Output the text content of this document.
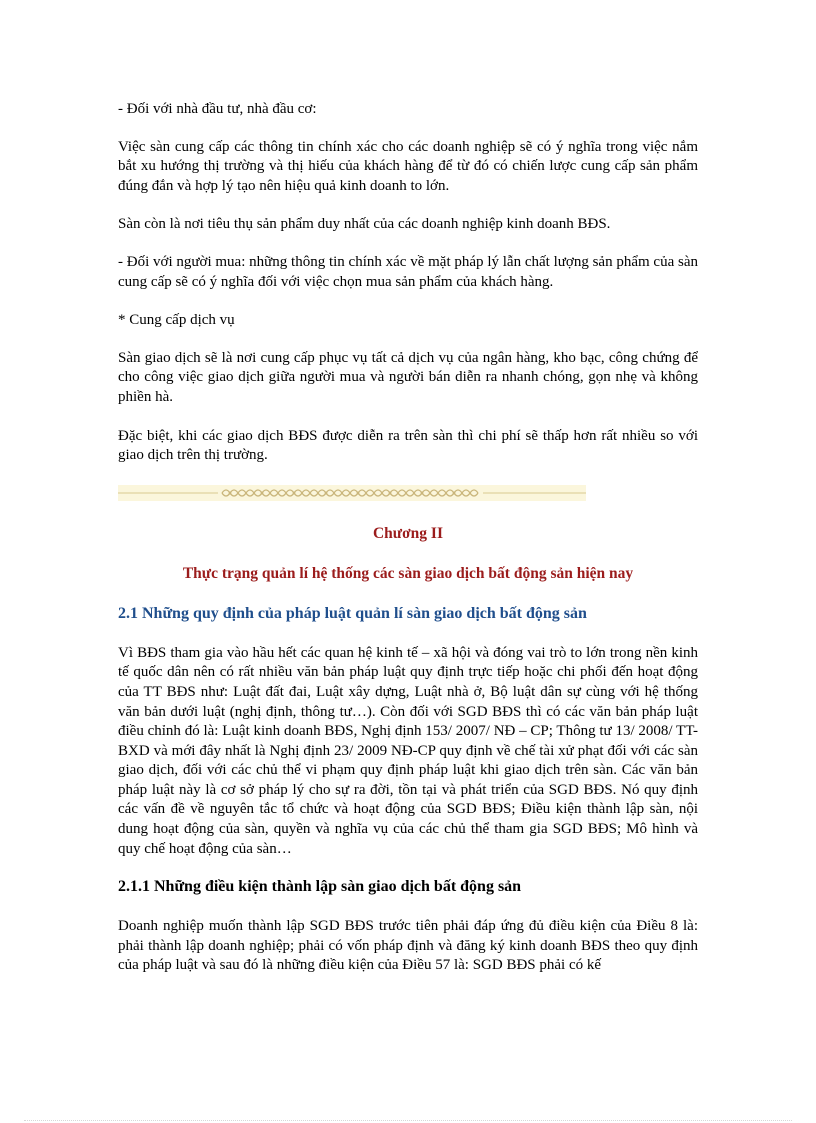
- Đối với nhà đầu tư, nhà đầu cơ:

Việc sàn cung cấp các thông tin chính xác cho các doanh nghiệp sẽ có ý nghĩa trong việc nắm bắt xu hướng thị trường và thị hiếu của khách hàng để từ đó có chiến lược cung cấp sản phẩm đúng đắn và hợp lý tạo nên hiệu quả kinh doanh to lớn.

Sàn còn là nơi tiêu thụ sản phẩm duy nhất của các doanh nghiệp kinh doanh BĐS.

- Đối với người mua: những thông tin chính xác về mặt pháp lý lẫn chất lượng sản phẩm của sàn cung cấp sẽ có ý nghĩa đối với việc chọn mua sản phẩm của khách hàng.

* Cung cấp dịch vụ

Sàn giao dịch sẽ là nơi cung cấp phục vụ tất cả dịch vụ của ngân hàng, kho bạc, công chứng để cho công việc giao dịch giữa người mua và người bán diễn ra nhanh chóng, gọn nhẹ và không phiền hà.

Đặc biệt, khi các giao dịch BĐS được diễn ra trên sàn thì chi phí sẽ thấp hơn rất nhiều so với giao dịch trên thị trường.

Chương II
Thực trạng quản lí hệ thống các sàn giao dịch bất động sản hiện nay
2.1 Những quy định của pháp luật quản lí sàn giao dịch bất động sản

Vì BĐS tham gia vào hầu hết các quan hệ kinh tế – xã hội và đóng vai trò to lớn trong nền kinh tế quốc dân nên có rất nhiều văn bản pháp luật quy định trực tiếp hoặc chi phối đến hoạt động của TT BĐS như: Luật đất đai, Luật xây dựng, Luật nhà ở, Bộ luật dân sự cùng với hệ thống văn bản dưới luật (nghị định, thông tư…). Còn đối với SGD BĐS thì có các văn bản pháp luật điều chỉnh đó là: Luật kinh doanh BĐS, Nghị định 153/ 2007/ NĐ – CP; Thông tư 13/ 2008/ TT- BXD và mới đây nhất là Nghị định 23/ 2009 NĐ-CP quy định về chế tài xử phạt đối với các sàn giao dịch, đối với các chủ thể vi phạm quy định pháp luật khi giao dịch trên sàn. Các văn bản pháp luật này là cơ sở pháp lý cho sự ra đời, tồn tại và phát triển của SGD BĐS. Nó quy định các vấn đề về nguyên tắc tổ chức và hoạt động của SGD BĐS; Điều kiện thành lập sàn, nội dung hoạt động của sàn, quyền và nghĩa vụ của các chủ thể tham gia SGD BĐS; Mô hình và quy chế hoạt động của sàn…

2.1.1 Những điều kiện thành lập sàn giao dịch bất động sản

Doanh nghiệp muốn thành lập SGD BĐS trước tiên phải đáp ứng đủ điều kiện của Điều 8 là: phải thành lập doanh nghiệp; phải có vốn pháp định và đăng ký kinh doanh BĐS theo quy định của pháp luật và sau đó là những điều kiện của Điều 57 là: SGD BĐS phải có kế
